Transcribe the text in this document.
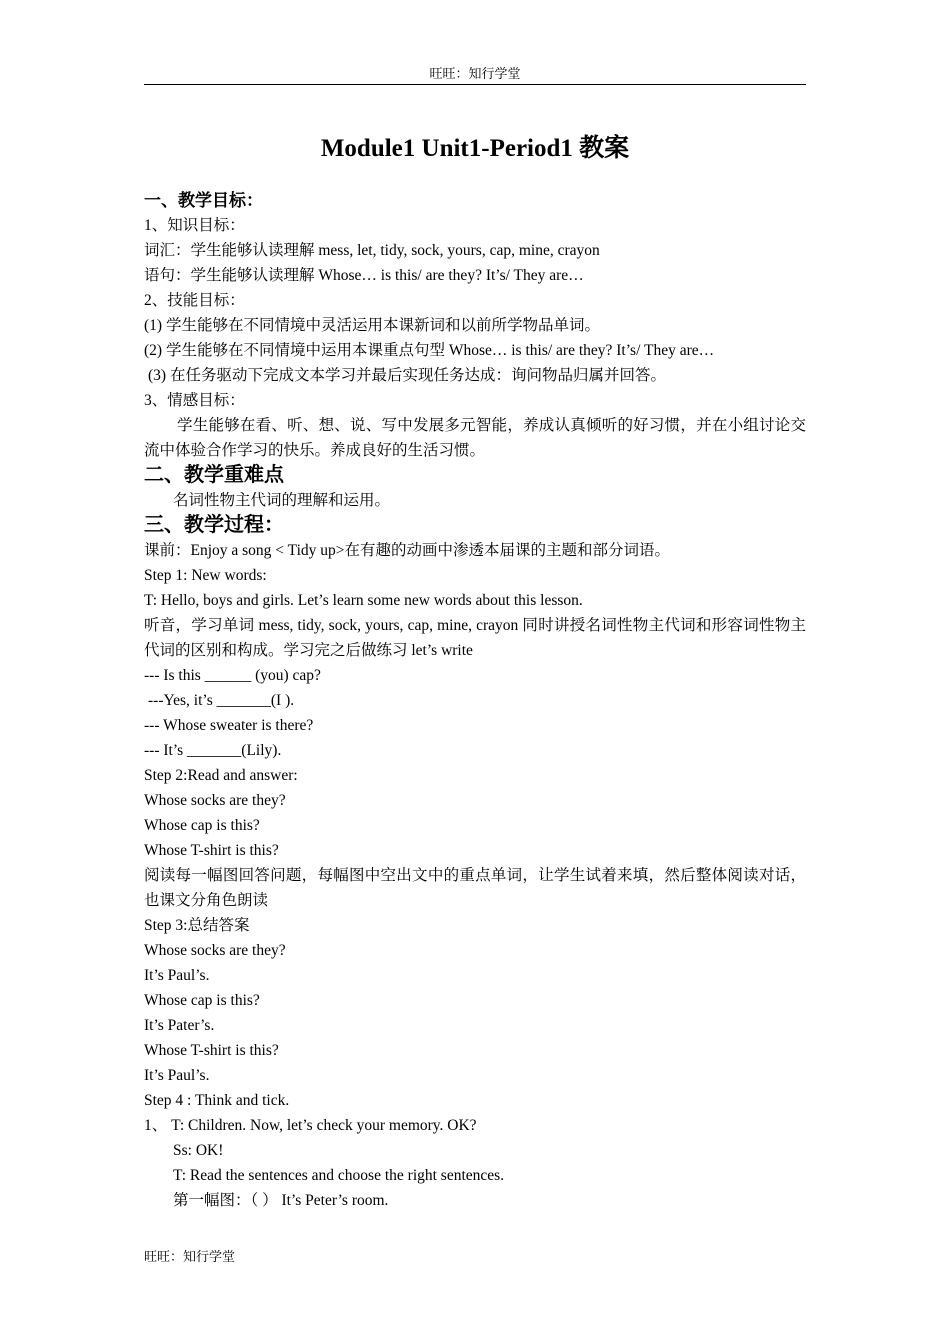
旺旺：知行学堂
Module1 Unit1-Period1 教案
一、教学目标：
1、知识目标：
词汇：学生能够认读理解 mess, let, tidy, sock, yours, cap, mine, crayon
语句：学生能够认读理解 Whose… is this/ are they? It’s/ They are…
2、技能目标：
(1) 学生能够在不同情境中灵活运用本课新词和以前所学物品单词。
(2) 学生能够在不同情境中运用本课重点句型 Whose… is this/ are they? It’s/ They are…
(3) 在任务驱动下完成文本学习并最后实现任务达成：询问物品归属并回答。
3、情感目标：
学生能够在看、听、想、说、写中发展多元智能，养成认真倾听的好习惯，并在小组讨论交流中体验合作学习的快乐。养成良好的生活习惯。
二、教学重难点
名词性物主代词的理解和运用。
三、教学过程：
课前：Enjoy a song < Tidy up>在有趣的动画中渗透本届课的主题和部分词语。
Step 1: New words:
T: Hello, boys and girls. Let’s learn some new words about this lesson.
听音，学习单词 mess, tidy, sock, yours, cap, mine, crayon 同时讲授名词性物主代词和形容词性物主代词的区别和构成。学习完之后做练习 let’s write
--- Is this ______ (you) cap?
---Yes, it’s _______(I ).
--- Whose sweater is there?
--- It’s _______(Lily).
Step 2:Read and answer:
Whose socks are they?
Whose cap is this?
Whose T-shirt is this?
阅读每一幅图回答问题，每幅图中空出文中的重点单词，让学生试着来填，然后整体阅读对话，也课文分角色朗读
Step 3:总结答案
Whose socks are they?
It’s Paul’s.
Whose cap is this?
It’s Pater’s.
Whose T-shirt is this?
It’s Paul’s.
Step 4 : Think and tick.
1、 T: Children. Now, let’s check your memory. OK?
Ss: OK!
T: Read the sentences and choose the right sentences.
第一幅图：（ ） It’s Peter’s room.
旺旺：知行学堂
